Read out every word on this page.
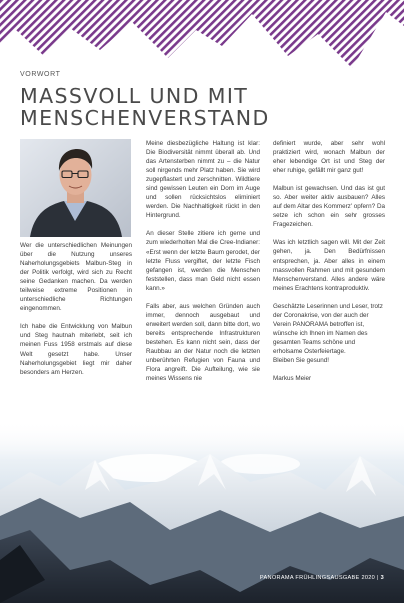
VORWORT
MASSVOLL UND MIT MENSCHENVERSTAND

Wer die unterschiedlichen Meinungen über die Nutzung unseres Naherholungsgebiets Malbun-Steg in der Politik verfolgt, wird sich zu Recht seine Gedanken machen. Da werden teilweise extreme Positionen in unterschiedliche Richtungen eingenommen.

Ich habe die Entwicklung von Malbun und Steg hautnah miterlebt, seit ich meinen Fuss 1958 erstmals auf diese Welt gesetzt habe. Unser Naherholungsgebiet liegt mir daher besonders am Herzen.

Meine diesbezügliche Haltung ist klar: Die Biodiversität nimmt überall ab. Und das Artensterben nimmt zu – die Natur soll nirgends mehr Platz haben. Sie wird zugepflastert und zerschnitten. Wildtiere sind gewissen Leuten ein Dorn im Auge und sollen rücksichtslos eliminiert werden. Die Nachhaltigkeit rückt in den Hintergrund.

An dieser Stelle zitiere ich gerne und zum wiederholten Mal die Cree-Indianer: «Erst wenn der letzte Baum gerodet, der letzte Fluss vergiftet, der letzte Fisch gefangen ist, werden die Menschen feststellen, dass man Geld nicht essen kann.»

Falls aber, aus welchen Gründen auch immer, dennoch ausgebaut und erweitert werden soll, dann bitte dort, wo bereits entsprechende Infrastrukturen bestehen. Es kann nicht sein, dass der Raubbau an der Natur noch die letzten unberührten Refugien von Fauna und Flora angreift. Die Aufteilung, wie sie meines Wissens nie

definiert wurde, aber sehr wohl praktiziert wird, wonach Malbun der eher lebendige Ort ist und Steg der eher ruhige, gefällt mir ganz gut!

Malbun ist gewachsen. Und das ist gut so. Aber weiter aktiv ausbauen? Alles auf dem Altar des Kommerz' opfern? Da setze ich schon ein sehr grosses Fragezeichen.

Was ich letztlich sagen will. Mit der Zeit gehen, ja. Den Bedürfnissen entsprechen, ja. Aber alles in einem massvollen Rahmen und mit gesundem Menschenverstand. Alles andere wäre meines Erachtens kontraproduktiv.

Geschätzte Leserinnen und Leser, trotz der Coronakrise, von der auch der Verein PANORAMA betroffen ist, wünsche ich Ihnen im Namen des gesamten Teams schöne und erholsame Osterfeiertage.
Bleiben Sie gesund!

Markus Meier

PANORAMA FRÜHLINGSAUSGABE 2020 | 3
